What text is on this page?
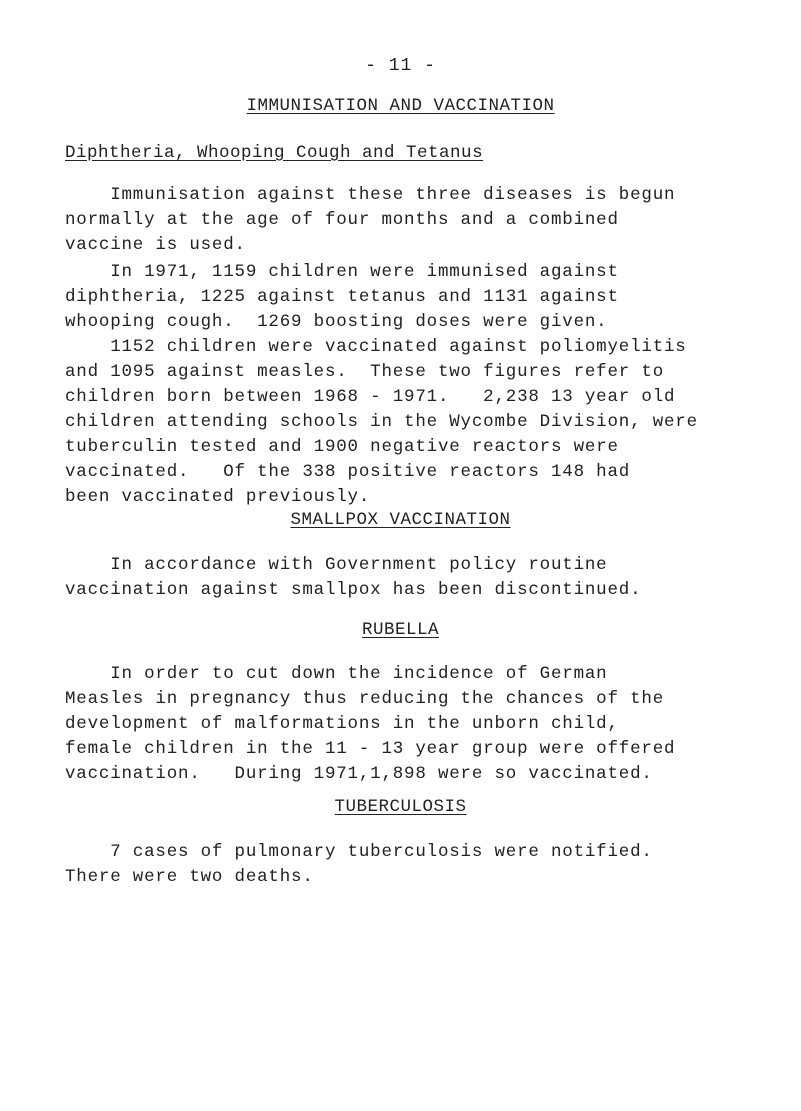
- 11 -
IMMUNISATION AND VACCINATION
Diphtheria, Whooping Cough and Tetanus

Immunisation against these three diseases is begun
normally at the age of four months and a combined
vaccine is used.

In 1971, 1159 children were immunised against
diphtheria, 1225 against tetanus and 1131 against
whooping cough.  1269 boosting doses were given.

1152 children were vaccinated against poliomyelitis
and 1095 against measles.  These two figures refer to
children born between 1968 - 1971.   2,238 13 year old
children attending schools in the Wycombe Division, were
tuberculin tested and 1900 negative reactors were
vaccinated.   Of the 338 positive reactors 148 had
been vaccinated previously.

SMALLPOX VACCINATION

In accordance with Government policy routine
vaccination against smallpox has been discontinued.

RUBELLA

In order to cut down the incidence of German
Measles in pregnancy thus reducing the chances of the
development of malformations in the unborn child,
female children in the 11 - 13 year group were offered
vaccination.   During 1971,1,898 were so vaccinated.

TUBERCULOSIS

7 cases of pulmonary tuberculosis were notified.
There were two deaths.
